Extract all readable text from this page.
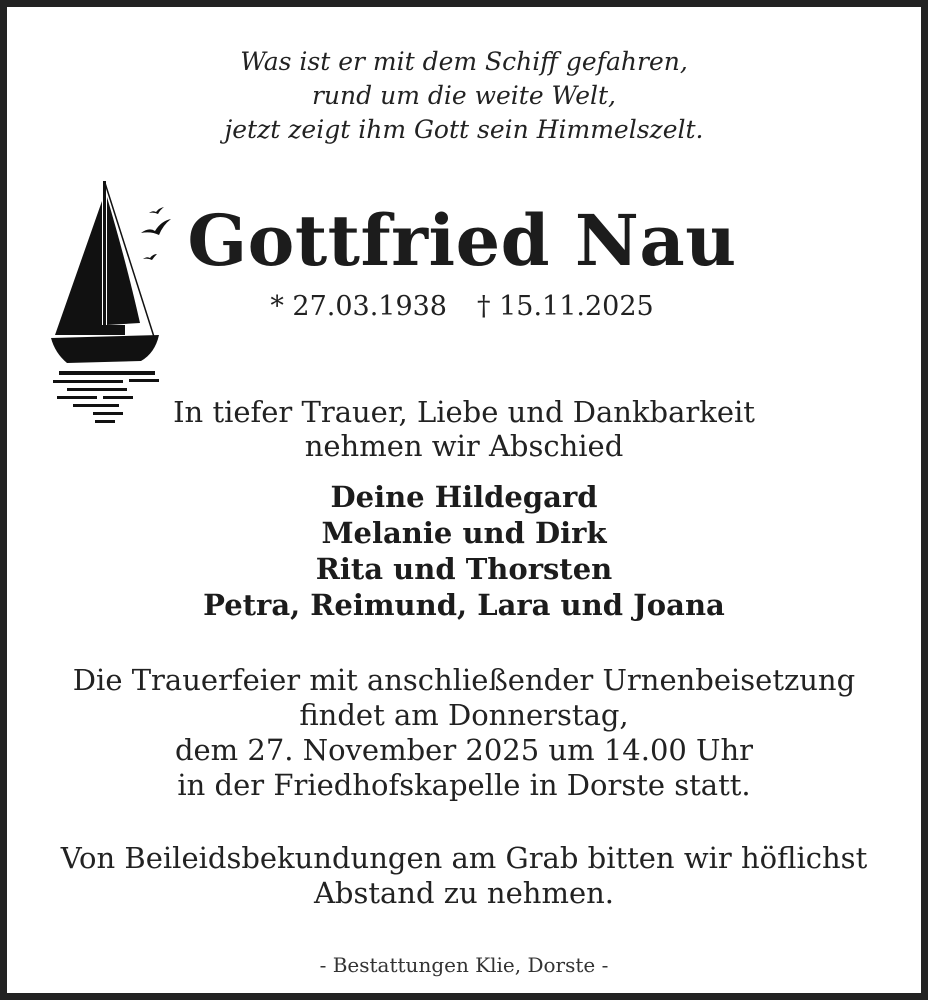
Was ist er mit dem Schiff gefahren,
rund um die weite Welt,
jetzt zeigt ihm Gott sein Himmelszelt.
Gottfried Nau
* 27.03.1938 † 15.11.2025
In tiefer Trauer, Liebe und Dankbarkeit
nehmen wir Abschied
Deine Hildegard
Melanie und Dirk
Rita und Thorsten
Petra, Reimund, Lara und Joana
Die Trauerfeier mit anschließender Urnenbeisetzung
findet am Donnerstag,
dem 27. November 2025 um 14.00 Uhr
in der Friedhofskapelle in Dorste statt.
Von Beileidsbekundungen am Grab bitten wir höflichst
Abstand zu nehmen.
- Bestattungen Klie, Dorste -
